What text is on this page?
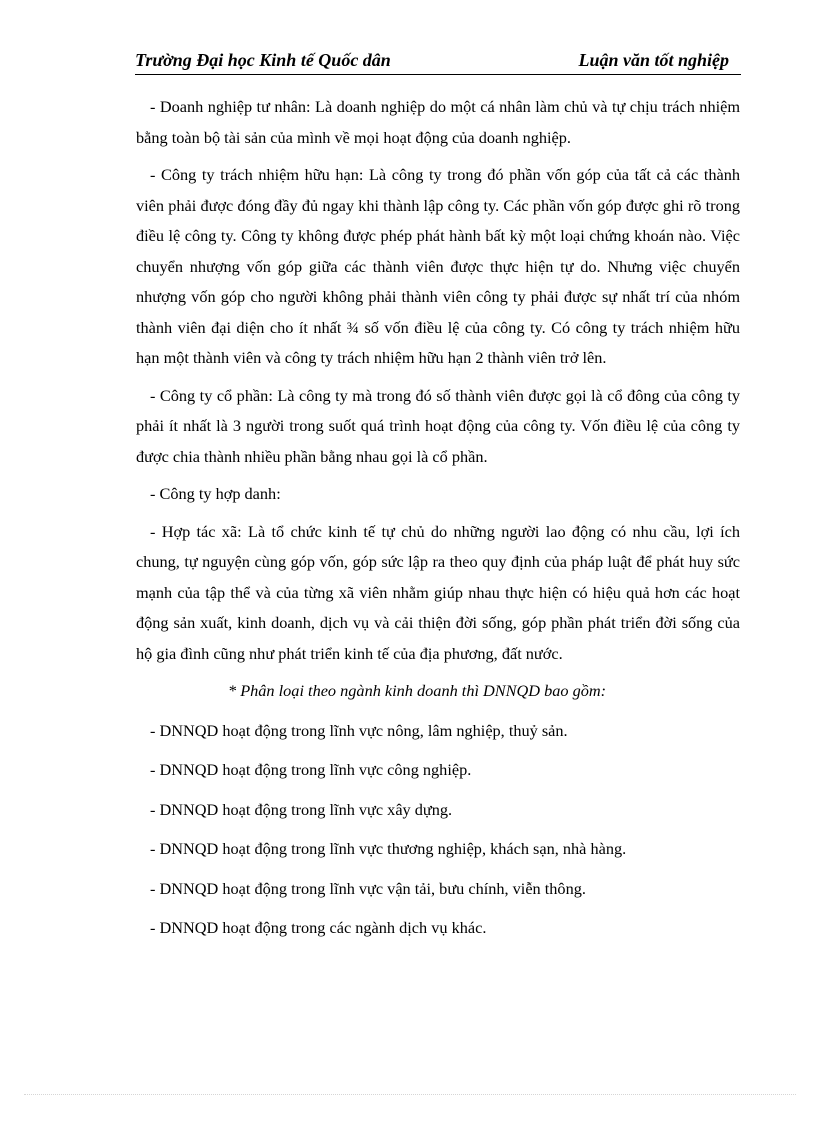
Trường Đại học Kinh tế Quốc dân	Luận văn tốt nghiệp

- Doanh nghiệp tư nhân: Là doanh nghiệp do một cá nhân làm chủ và tự chịu trách nhiệm bằng toàn bộ tài sản của mình về mọi hoạt động của doanh nghiệp.

- Công ty trách nhiệm hữu hạn: Là công ty trong đó phần vốn góp của tất cả các thành viên phải được đóng đầy đủ ngay khi thành lập công ty. Các phần vốn góp được ghi rõ trong điều lệ công ty. Công ty không được phép phát hành bất kỳ một loại chứng khoán nào. Việc chuyển nhượng vốn góp giữa các thành viên được thực hiện tự do. Nhưng việc chuyển nhượng vốn góp cho người không phải thành viên công ty phải được sự nhất trí của nhóm thành viên đại diện cho ít nhất ¾ số vốn điều lệ của công ty. Có công ty trách nhiệm hữu hạn một thành viên và công ty trách nhiệm hữu hạn 2 thành viên trở lên.

- Công ty cổ phần: Là công ty mà trong đó số thành viên được gọi là cổ đông của công ty phải ít nhất là 3 người trong suốt quá trình hoạt động của công ty. Vốn điều lệ của công ty được chia thành nhiều phần bằng nhau gọi là cổ phần.

- Công ty hợp danh:

- Hợp tác xã: Là tổ chức kinh tế tự chủ do những người lao động có nhu cầu, lợi ích chung, tự nguyện cùng góp vốn, góp sức lập ra theo quy định của pháp luật để phát huy sức mạnh của tập thể và của từng xã viên nhằm giúp nhau thực hiện có hiệu quả hơn các hoạt động sản xuất, kinh doanh, dịch vụ và cải thiện đời sống, góp phần phát triển đời sống của hộ gia đình cũng như phát triển kinh tế của địa phương, đất nước.

* Phân loại theo ngành kinh doanh thì DNNQD bao gồm:

- DNNQD hoạt động trong lĩnh vực nông, lâm nghiệp, thuỷ sản.

- DNNQD hoạt động trong lĩnh vực công nghiệp.

- DNNQD hoạt động trong lĩnh vực xây dựng.

- DNNQD hoạt động trong lĩnh vực thương nghiệp, khách sạn, nhà hàng.

- DNNQD hoạt động trong lĩnh vực vận tải, bưu chính, viễn thông.

- DNNQD hoạt động trong các ngành dịch vụ khác.
